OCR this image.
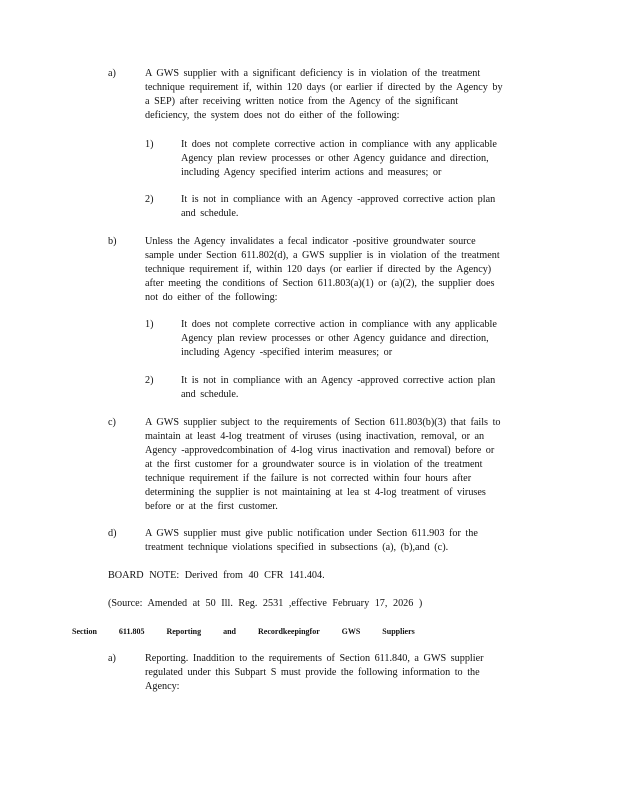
a)	A GWS supplier with a significant deficiency is in violation of the treatment
technique requirement if, within 120 days (or earlier if directed by the Agency by
a SEP) after receiving written notice from the Agency of the significant
deficiency, the system does not do either of the following:
1)	It does not complete corrective action in compliance with any applicable
Agency plan review processes or other Agency guidance and direction,
including Agency specified interim actions and measures; or
2)	It is not in compliance with an Agency -approved corrective action plan
and schedule.
b)	Unless the Agency invalidates a fecal indicator -positive groundwater source
sample under Section 611.802(d), a GWS supplier is in violation of the treatment
technique requirement if, within 120 days (or earlier if directed by the Agency)
after meeting the conditions of Section 611.803(a)(1) or (a)(2), the supplier does
not do either of the following:
1)	It does not complete corrective action in compliance with any applicable
Agency plan review processes or other Agency guidance and direction,
including Agency -specified interim measures; or
2)	It is not in compliance with an Agency -approved corrective action plan
and schedule.
c)	A GWS supplier subject to the requirements of Section 611.803(b)(3) that fails to
maintain at least 4-log treatment of viruses (using inactivation, removal, or an
Agency -approvedcombination of 4-log virus inactivation and removal) before or
at the first customer for a groundwater source is in violation of the treatment
technique requirement if the failure is not corrected within four hours after
determining the supplier is not maintaining at lea st 4-log treatment of viruses
before or at the first customer.
d)	A GWS supplier must give public notification under Section 611.903 for the
treatment technique violations specified in subsections (a), (b),and (c).
BOARD NOTE: Derived from 40 CFR 141.404.
(Source: Amended at 50 Ill. Reg. 2531 ,effective February 17, 2026 )
Section 611.805 Reporting and Recordkeepingfor GWS Suppliers
a)	Reporting. Inaddition to the requirements of Section 611.840, a GWS supplier
regulated under this Subpart S must provide the following information to the
Agency:
